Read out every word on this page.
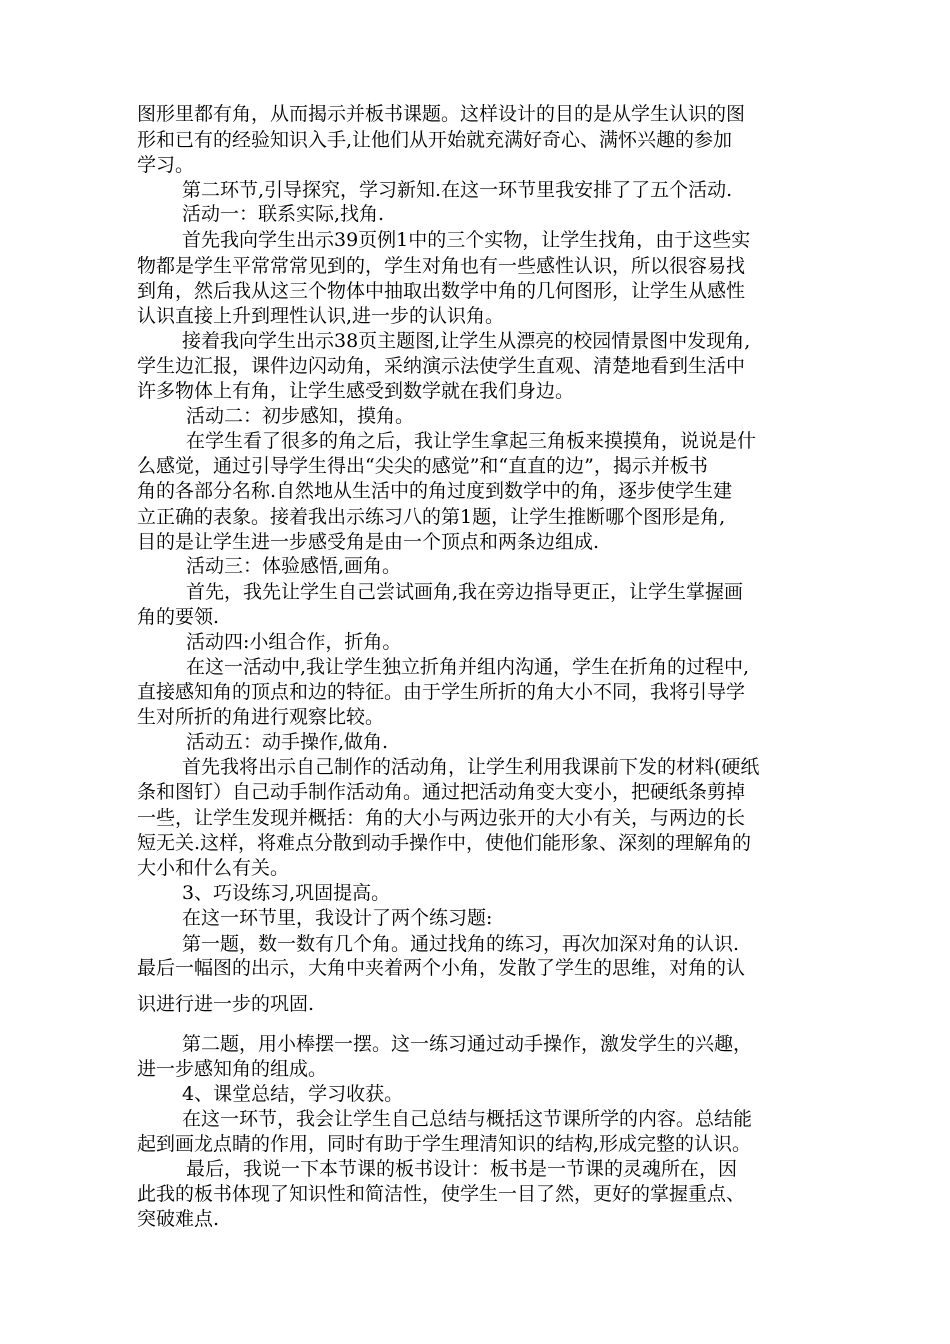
图形里都有角，从而揭示并板书课题。这样设计的目的是从学生认识的图
形和已有的经验知识入手,让他们从开始就充满好奇心、满怀兴趣的参加
学习。
第二环节,引导探究，学习新知.在这一环节里我安排了了五个活动.
活动一：联系实际,找角.
首先我向学生出示39页例1中的三个实物，让学生找角，由于这些实
物都是学生平常常常见到的，学生对角也有一些感性认识，所以很容易找
到角，然后我从这三个物体中抽取出数学中角的几何图形，让学生从感性
认识直接上升到理性认识,进一步的认识角。
接着我向学生出示38页主题图,让学生从漂亮的校园情景图中发现角,
学生边汇报，课件边闪动角，采纳演示法使学生直观、清楚地看到生活中
许多物体上有角，让学生感受到数学就在我们身边。
活动二：初步感知，摸角。
在学生看了很多的角之后，我让学生拿起三角板来摸摸角，说说是什
么感觉，通过引导学生得出“尖尖的感觉”和“直直的边”，揭示并板书
角的各部分名称.自然地从生活中的角过度到数学中的角，逐步使学生建
立正确的表象。接着我出示练习八的第1题，让学生推断哪个图形是角,
目的是让学生进一步感受角是由一个顶点和两条边组成.
活动三：体验感悟,画角。
首先，我先让学生自己尝试画角,我在旁边指导更正，让学生掌握画
角的要领.
活动四:小组合作，折角。
在这一活动中,我让学生独立折角并组内沟通，学生在折角的过程中,
直接感知角的顶点和边的特征。由于学生所折的角大小不同，我将引导学
生对所折的角进行观察比较。
活动五：动手操作,做角.
首先我将出示自己制作的活动角，让学生利用我课前下发的材料(硬纸
条和图钉）自己动手制作活动角。通过把活动角变大变小，把硬纸条剪掉
一些，让学生发现并概括：角的大小与两边张开的大小有关，与两边的长
短无关.这样，将难点分散到动手操作中，使他们能形象、深刻的理解角的
大小和什么有关。
3、巧设练习,巩固提高。
在这一环节里，我设计了两个练习题:
第一题，数一数有几个角。通过找角的练习，再次加深对角的认识.
最后一幅图的出示，大角中夹着两个小角，发散了学生的思维，对角的认
识进行进一步的巩固.
第二题，用小棒摆一摆。这一练习通过动手操作，激发学生的兴趣，
进一步感知角的组成。
4、课堂总结，学习收获。
在这一环节，我会让学生自己总结与概括这节课所学的内容。总结能
起到画龙点睛的作用，同时有助于学生理清知识的结构,形成完整的认识。
最后，我说一下本节课的板书设计：板书是一节课的灵魂所在，因
此我的板书体现了知识性和简洁性，使学生一目了然，更好的掌握重点、
突破难点.
